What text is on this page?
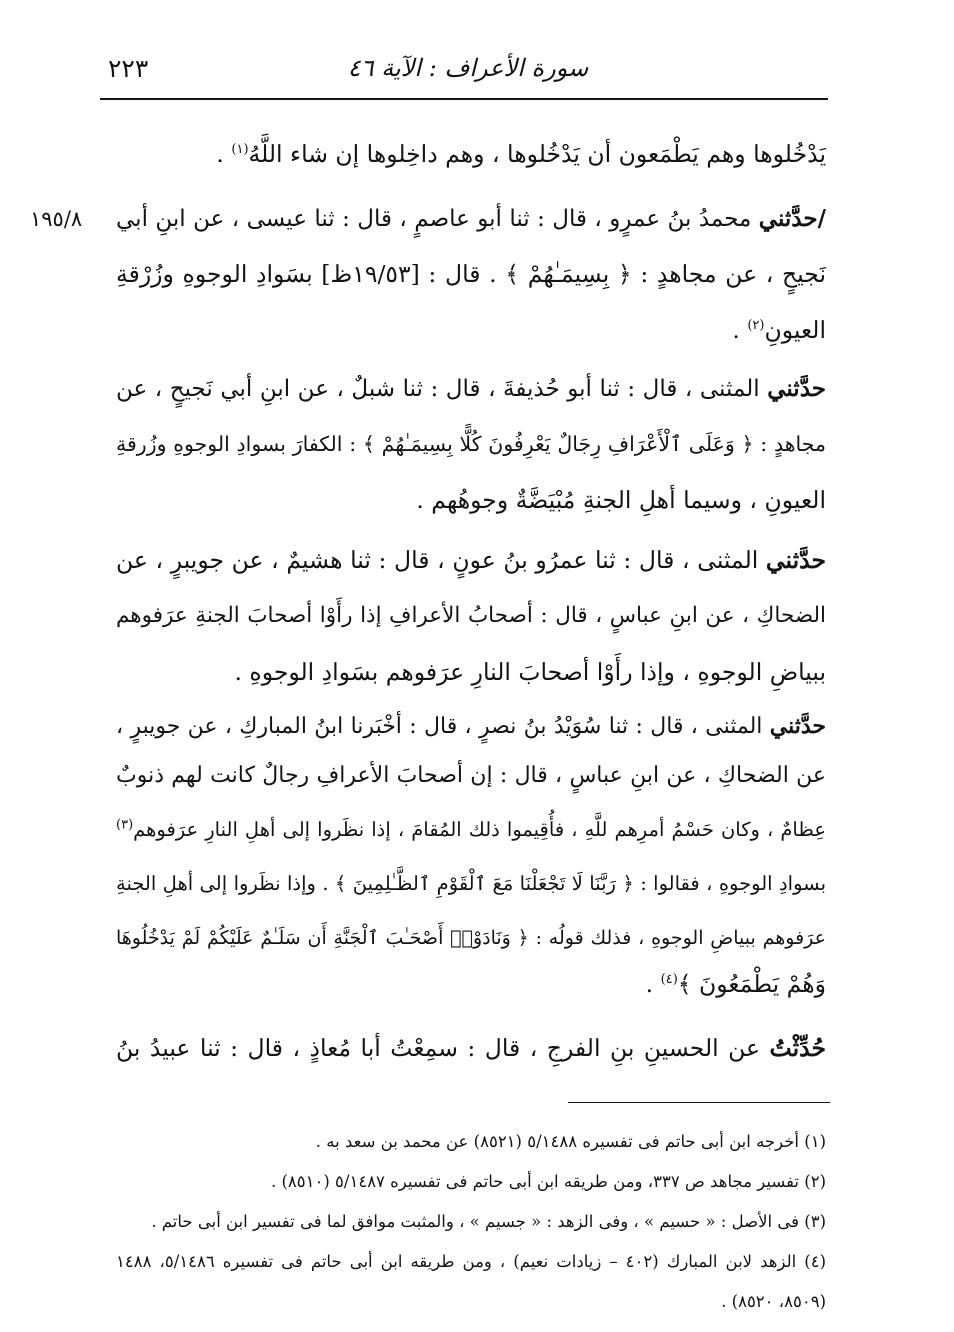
٢٢٣	سورة الأعراف : الآية ٤٦
يَدْخُلوها وهم يَطْمَعون أن يَدْخُلوها ، وهم داخِلوها إن شاء اللَّهُ$^{(١)}$ .
١٩٥/٨	/حدَّثني محمدُ بنُ عمرٍو ، قال : ثنا أبو عاصمٍ ، قال : ثنا عيسى ، عن ابنِ أبي
نَجيحٍ ، عن مجاهدٍ : ﴿ بِسِيمَـٰهُمْ ﴾ . قال : [١٩/٥٣ظ] بسَوادِ الوجوهِ وزُرْقةِ
العيونِ$^{(٢)}$ .
حدَّثني المثنى ، قال : ثنا أبو حُذيفةَ ، قال : ثنا شبلٌ ، عن ابنِ أبي نَجيحٍ ، عن
مجاهدٍ : ﴿ وَعَلَى ٱلْأَعْرَافِ رِجَالٌ يَعْرِفُونَ كُلًّا بِسِيمَـٰهُمْ ﴾ : الكفارَ بسوادِ الوجوهِ وزُرقةِ
العيونِ ، وسيما أهلِ الجنةِ مُبْيَضَّةٌ وجوهُهم .
حدَّثني المثنى ، قال : ثنا عمرُو بنُ عونٍ ، قال : ثنا هشيمٌ ، عن جويبرٍ ، عن
الضحاكِ ، عن ابنِ عباسٍ ، قال : أصحابُ الأعرافِ إذا رأَوْا أصحابَ الجنةِ عرَفوهم
ببياضِ الوجوهِ ، وإذا رأَوْا أصحابَ النارِ عرَفوهم بسَوادِ الوجوهِ .
حدَّثني المثنى ، قال : ثنا سُوَيْدُ بنُ نصرٍ ، قال : أخْبَرنا ابنُ المباركِ ، عن جويبرٍ ،
عن الضحاكِ ، عن ابنِ عباسٍ ، قال : إن أصحابَ الأعرافِ رجالٌ كانت لهم ذنوبٌ
عِظامٌ ، وكان حَسْمُ أمرِهم للَّهِ ، فأُقِيموا ذلك المُقامَ ، إذا نظَروا إلى أهلِ النارِ عرَفوهم$^{(٣)}$
بسوادِ الوجوهِ ، فقالوا : ﴿ رَبَّنَا لَا تَجْعَلْنَا مَعَ ٱلْقَوْمِ ٱلظَّـٰلِمِينَ ﴾ . وإذا نظَروا إلى أهلِ الجنةِ
عرَفوهم ببياضِ الوجوهِ ، فذلك قولُه : ﴿ وَنَادَوْا۟ أَصْحَـٰبَ ٱلْجَنَّةِ أَن سَلَـٰمٌ عَلَيْكُمْ لَمْ يَدْخُلُوهَا
وَهُمْ يَطْمَعُونَ ﴾$^{(٤)}$ .
حُدِّثْتُ عن الحسينِ بنِ الفرجِ ، قال : سمِعْتُ أبا مُعاذٍ ، قال : ثنا عبيدُ بنُ
(١) أخرجه ابن أبى حاتم فى تفسيره ٥/١٤٨٨ (٨٥٢١) عن محمد بن سعد به .
(٢) تفسير مجاهد ص ٣٣٧، ومن طريقه ابن أبى حاتم فى تفسيره ٥/١٤٨٧ (٨٥١٠) .
(٣) فى الأصل : « حسيم » ، وفى الزهد : « جسيم » ، والمثبت موافق لما فى تفسير ابن أبى حاتم .
(٤) الزهد لابن المبارك (٤٠٢ – زيادات نعيم) ، ومن طريقه ابن أبى حاتم فى تفسيره ٥/١٤٨٦، ١٤٨٨
(٨٥٠٩، ٨٥٢٠) .
